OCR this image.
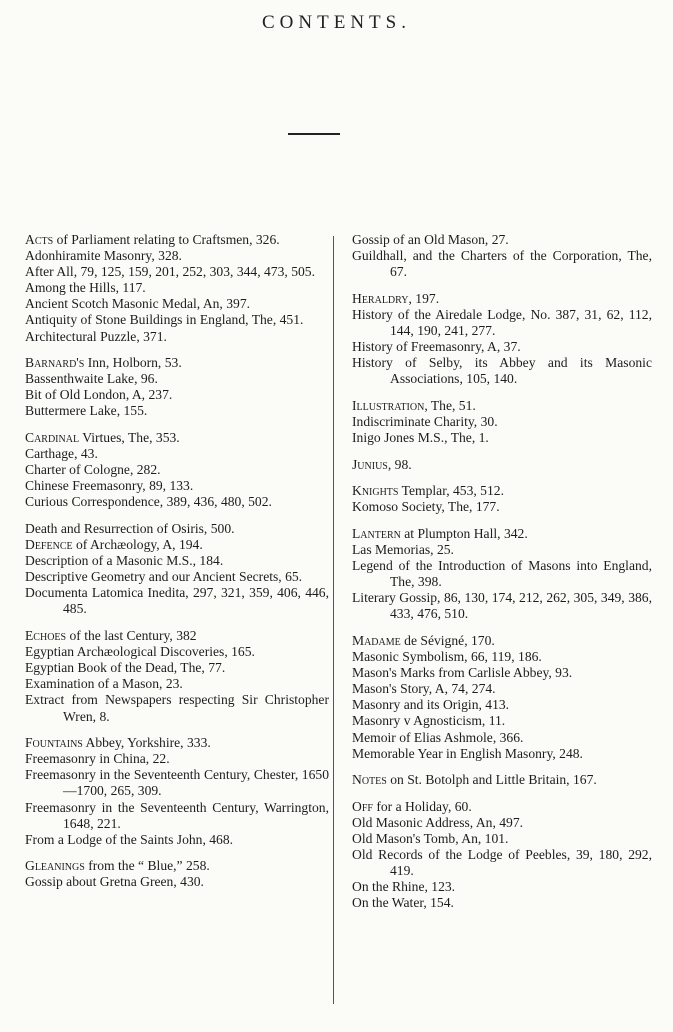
CONTENTS.

Acts of Parliament relating to Craftsmen, 326.

Adonhiramite Masonry, 328.

After All, 79, 125, 159, 201, 252, 303, 344, 473, 505.

Among the Hills, 117.

Ancient Scotch Masonic Medal, An, 397.

Antiquity of Stone Buildings in England, The, 451.

Architectural Puzzle, 371.

Barnard's Inn, Holborn, 53.

Bassenthwaite Lake, 96.

Bit of Old London, A, 237.

Buttermere Lake, 155.

Cardinal Virtues, The, 353.

Carthage, 43.

Charter of Cologne, 282.

Chinese Freemasonry, 89, 133.

Curious Correspondence, 389, 436, 480, 502.

Death and Resurrection of Osiris, 500.

Defence of Archæology, A, 194.

Description of a Masonic M.S., 184.

Descriptive Geometry and our Ancient Secrets, 65.

Documenta Latomica Inedita, 297, 321, 359, 406, 446, 485.

Echoes of the last Century, 382

Egyptian Archæological Discoveries, 165.

Egyptian Book of the Dead, The, 77.

Examination of a Mason, 23.

Extract from Newspapers respecting Sir Christopher Wren, 8.

Fountains Abbey, Yorkshire, 333.

Freemasonry in China, 22.

Freemasonry in the Seventeenth Century, Chester, 1650—1700, 265, 309.

Freemasonry in the Seventeenth Century, Warrington, 1648, 221.

From a Lodge of the Saints John, 468.

Gleanings from the “ Blue,” 258.

Gossip about Gretna Green, 430.

Gossip of an Old Mason, 27.

Guildhall, and the Charters of the Corporation, The, 67.

Heraldry, 197.

History of the Airedale Lodge, No. 387, 31, 62, 112, 144, 190, 241, 277.

History of Freemasonry, A, 37.

History of Selby, its Abbey and its Masonic Associations, 105, 140.

Illustration, The, 51.

Indiscriminate Charity, 30.

Inigo Jones M.S., The, 1.

Junius, 98.

Knights Templar, 453, 512.

Komoso Society, The, 177.

Lantern at Plumpton Hall, 342.

Las Memorias, 25.

Legend of the Introduction of Masons into England, The, 398.

Literary Gossip, 86, 130, 174, 212, 262, 305, 349, 386, 433, 476, 510.

Madame de Sévigné, 170.

Masonic Symbolism, 66, 119, 186.

Mason's Marks from Carlisle Abbey, 93.

Mason's Story, A, 74, 274.

Masonry and its Origin, 413.

Masonry v Agnosticism, 11.

Memoir of Elias Ashmole, 366.

Memorable Year in English Masonry, 248.

Notes on St. Botolph and Little Britain, 167.

Off for a Holiday, 60.

Old Masonic Address, An, 497.

Old Mason's Tomb, An, 101.

Old Records of the Lodge of Peebles, 39, 180, 292, 419.

On the Rhine, 123.

On the Water, 154.
